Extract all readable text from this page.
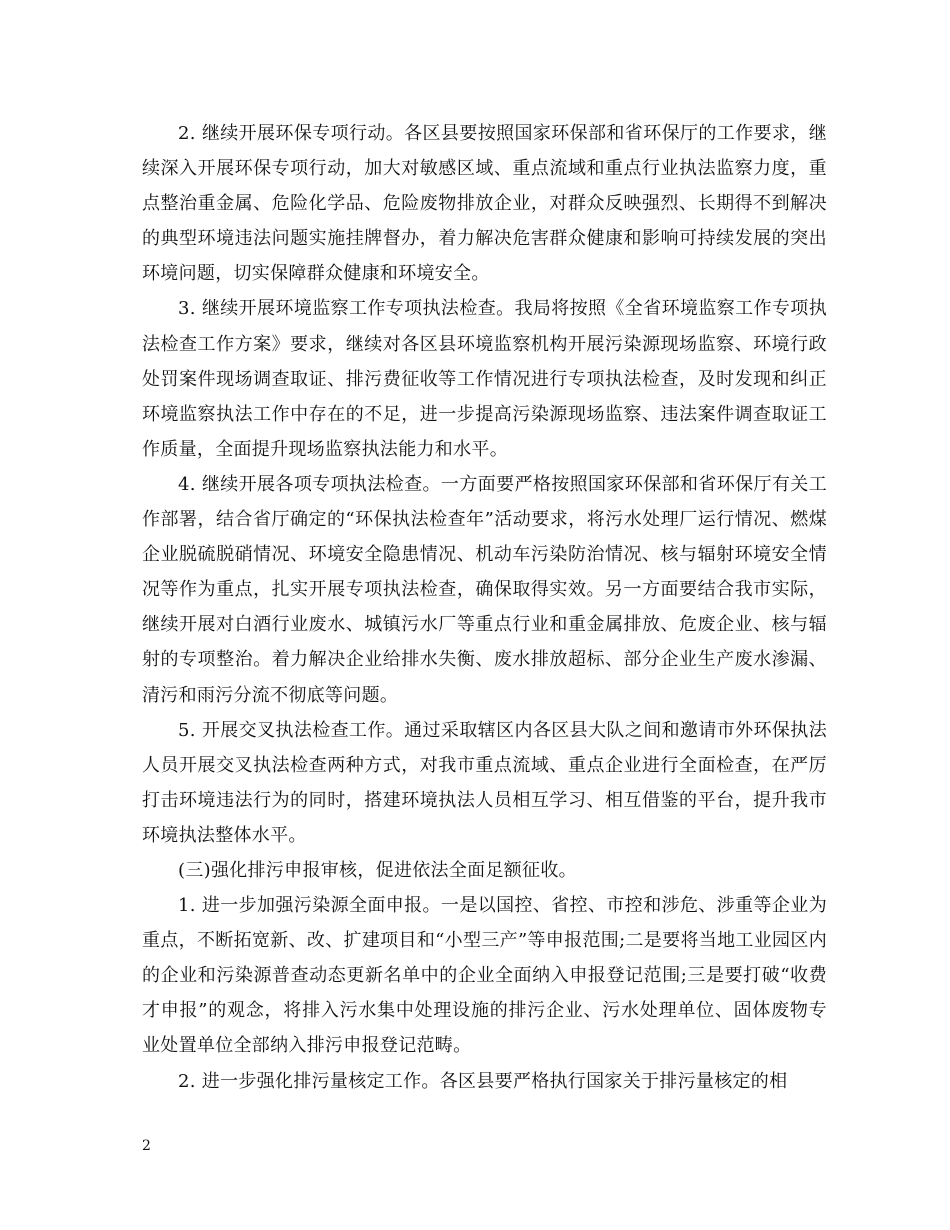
2. 继续开展环保专项行动。各区县要按照国家环保部和省环保厅的工作要求，继续深入开展环保专项行动，加大对敏感区域、重点流域和重点行业执法监察力度，重点整治重金属、危险化学品、危险废物排放企业，对群众反映强烈、长期得不到解决的典型环境违法问题实施挂牌督办，着力解决危害群众健康和影响可持续发展的突出环境问题，切实保障群众健康和环境安全。

3. 继续开展环境监察工作专项执法检查。我局将按照《全省环境监察工作专项执法检查工作方案》要求，继续对各区县环境监察机构开展污染源现场监察、环境行政处罚案件现场调查取证、排污费征收等工作情况进行专项执法检查，及时发现和纠正环境监察执法工作中存在的不足，进一步提高污染源现场监察、违法案件调查取证工作质量，全面提升现场监察执法能力和水平。

4. 继续开展各项专项执法检查。一方面要严格按照国家环保部和省环保厅有关工作部署，结合省厅确定的“环保执法检查年”活动要求，将污水处理厂运行情况、燃煤企业脱硫脱硝情况、环境安全隐患情况、机动车污染防治情况、核与辐射环境安全情况等作为重点，扎实开展专项执法检查，确保取得实效。另一方面要结合我市实际，继续开展对白酒行业废水、城镇污水厂等重点行业和重金属排放、危废企业、核与辐射的专项整治。着力解决企业给排水失衡、废水排放超标、部分企业生产废水渗漏、清污和雨污分流不彻底等问题。

5. 开展交叉执法检查工作。通过采取辖区内各区县大队之间和邀请市外环保执法人员开展交叉执法检查两种方式，对我市重点流域、重点企业进行全面检查，在严厉打击环境违法行为的同时，搭建环境执法人员相互学习、相互借鉴的平台，提升我市环境执法整体水平。

(三)强化排污申报审核，促进依法全面足额征收。

1. 进一步加强污染源全面申报。一是以国控、省控、市控和涉危、涉重等企业为重点，不断拓宽新、改、扩建项目和“小型三产”等申报范围;二是要将当地工业园区内的企业和污染源普查动态更新名单中的企业全面纳入申报登记范围;三是要打破“收费才申报”的观念，将排入污水集中处理设施的排污企业、污水处理单位、固体废物专业处置单位全部纳入排污申报登记范畴。

2. 进一步强化排污量核定工作。各区县要严格执行国家关于排污量核定的相

2
